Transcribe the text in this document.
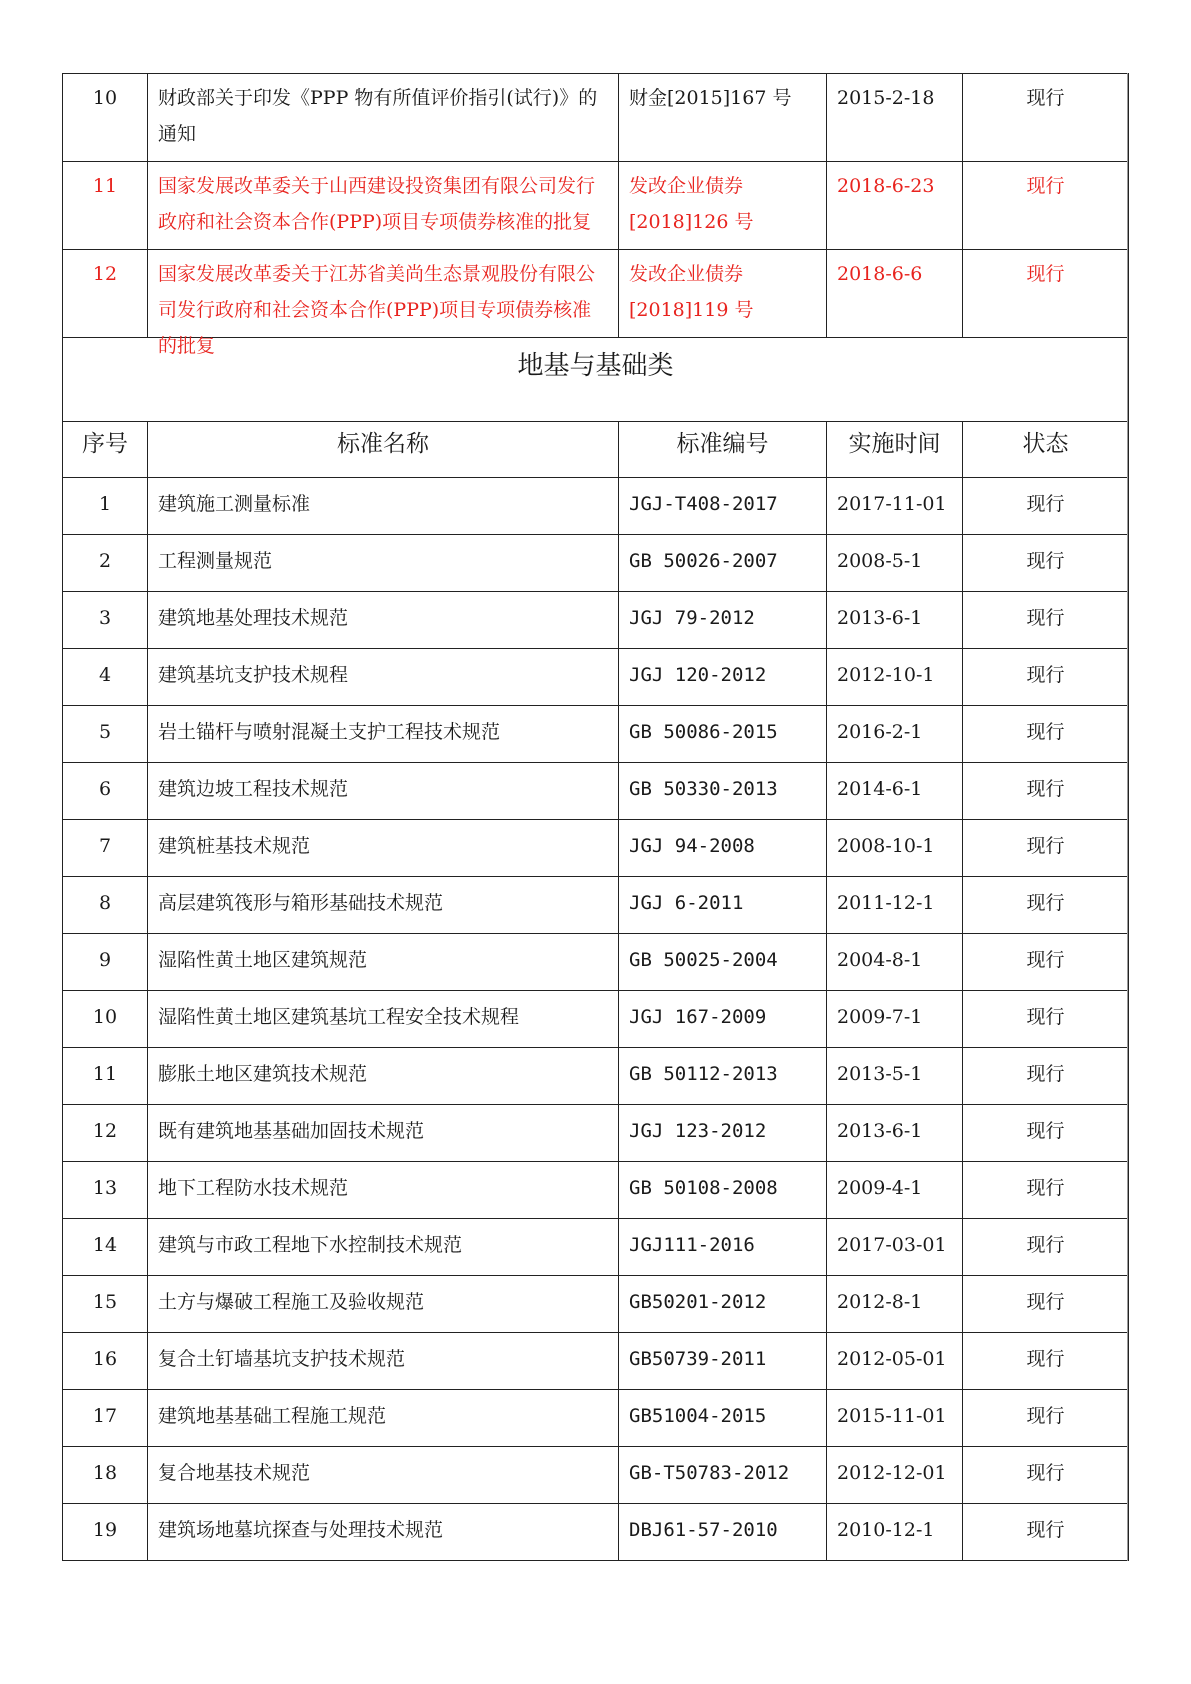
10	财政部关于印发《PPP 物有所值评价指引(试行)》的通知	财金[2015]167 号	2015-2-18	现行
11	国家发展改革委关于山西建设投资集团有限公司发行政府和社会资本合作(PPP)项目专项债券核准的批复	发改企业债券[2018]126 号	2018-6-23	现行
12	国家发展改革委关于江苏省美尚生态景观股份有限公司发行政府和社会资本合作(PPP)项目专项债券核准的批复	发改企业债券[2018]119 号	2018-6-6	现行
地基与基础类				
序号	标准名称	标准编号	实施时间	状态
1	建筑施工测量标准	JGJ-T408-2017	2017-11-01	现行
2	工程测量规范	GB 50026-2007	2008-5-1	现行
3	建筑地基处理技术规范	JGJ 79-2012	2013-6-1	现行
4	建筑基坑支护技术规程	JGJ 120-2012	2012-10-1	现行
5	岩土锚杆与喷射混凝土支护工程技术规范	GB 50086-2015	2016-2-1	现行
6	建筑边坡工程技术规范	GB 50330-2013	2014-6-1	现行
7	建筑桩基技术规范	JGJ 94-2008	2008-10-1	现行
8	高层建筑筏形与箱形基础技术规范	JGJ 6-2011	2011-12-1	现行
9	湿陷性黄土地区建筑规范	GB 50025-2004	2004-8-1	现行
10	湿陷性黄土地区建筑基坑工程安全技术规程	JGJ 167-2009	2009-7-1	现行
11	膨胀土地区建筑技术规范	GB 50112-2013	2013-5-1	现行
12	既有建筑地基基础加固技术规范	JGJ 123-2012	2013-6-1	现行
13	地下工程防水技术规范	GB 50108-2008	2009-4-1	现行
14	建筑与市政工程地下水控制技术规范	JGJ111-2016	2017-03-01	现行
15	土方与爆破工程施工及验收规范	GB50201-2012	2012-8-1	现行
16	复合土钉墙基坑支护技术规范	GB50739-2011	2012-05-01	现行
17	建筑地基基础工程施工规范	GB51004-2015	2015-11-01	现行
18	复合地基技术规范	GB-T50783-2012	2012-12-01	现行
19	建筑场地墓坑探查与处理技术规范	DBJ61-57-2010	2010-12-1	现行
